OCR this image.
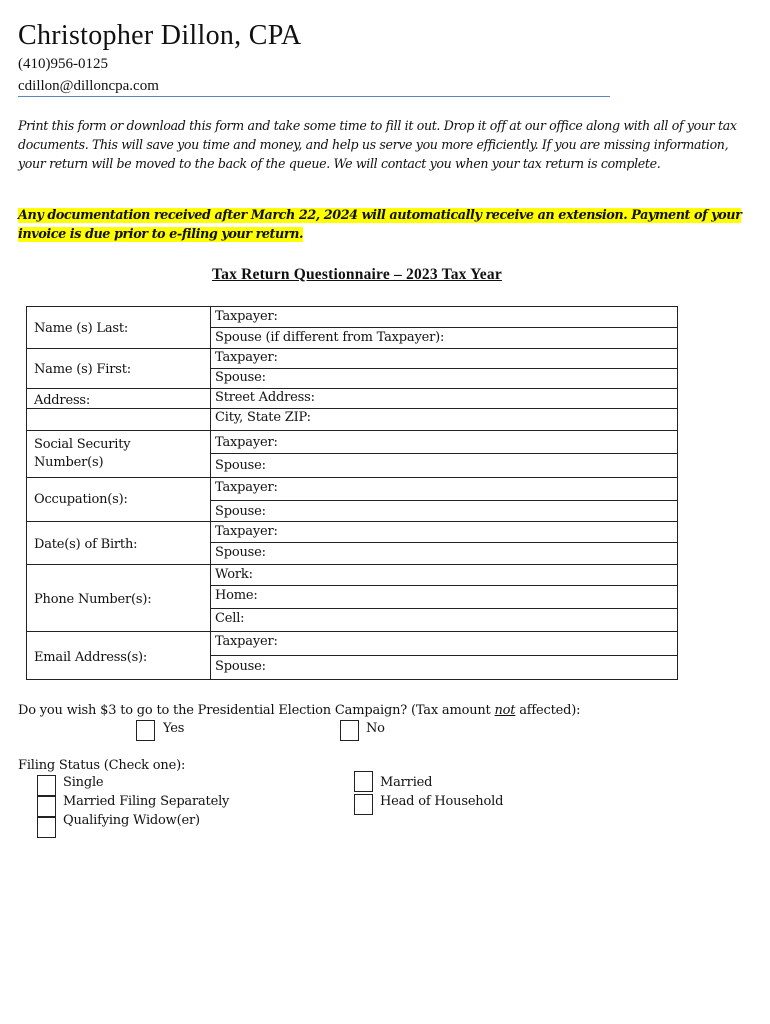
Christopher Dillon, CPA
(410)956-0125
cdillon@dilloncpa.com
Print this form or download this form and take some time to fill it out. Drop it off at our office along with all of your tax documents. This will save you time and money, and help us serve you more efficiently. If you are missing information, your return will be moved to the back of the queue. We will contact you when your tax return is complete.
Any documentation received after March 22, 2024 will automatically receive an extension. Payment of your invoice is due prior to e-filing your return.
Tax Return Questionnaire – 2023 Tax Year
Name (s) Last:
Name (s) First:
Address:
Social Security Number(s)
Occupation(s):
Date(s) of Birth:
Phone Number(s):
Email Address(s):
Taxpayer:
Spouse (if different from Taxpayer):
Taxpayer:
Spouse:
Street Address:
City, State ZIP:
Taxpayer:
Spouse:
Taxpayer:
Spouse:
Taxpayer:
Spouse:
Work:
Home:
Cell:
Taxpayer:
Spouse:
Do you wish $3 to go to the Presidential Election Campaign? (Tax amount not affected):
Yes	No
Filing Status (Check one):
Single
Married Filing Separately
Qualifying Widow(er)
Married
Head of Household
